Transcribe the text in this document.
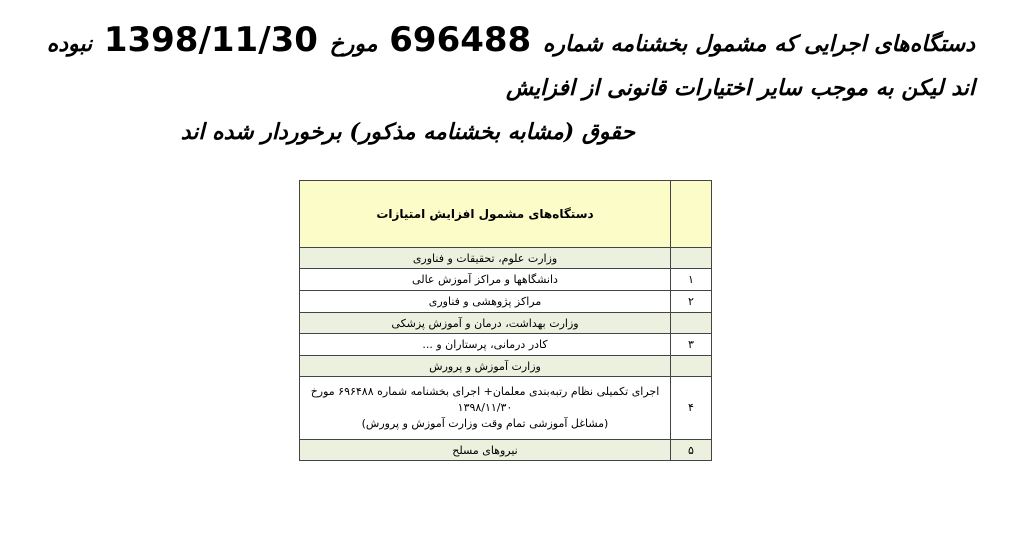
دستگاه‌های اجرایی که مشمول بخشنامه شماره 696488 مورخ 1398/11/30 نبوده اند لیکن به موجب سایر اختیارات قانونی از افزایش
حقوق (مشابه بخشنامه مذکور) برخوردار شده اند
	دستگاه‌های مشمول افزایش امتیازات
	وزارت علوم، تحقیقات و فناوری
۱	دانشگاهها و مراکز آموزش عالی
۲	مراکز پژوهشی و فناوری
	وزارت بهداشت، درمان و آموزش پزشکی
۳	کادر درمانی، پرستاران و ...
	وزارت آموزش و پرورش
۴	اجرای تکمیلی نظام رتبه‌بندی معلمان+ اجرای بخشنامه شماره ۶۹۶۴۸۸ مورخ
۱۳۹۸/۱۱/۳۰
(مشاغل آموزشی تمام وقت وزارت آموزش و پرورش)

۵	نیروهای مسلح
